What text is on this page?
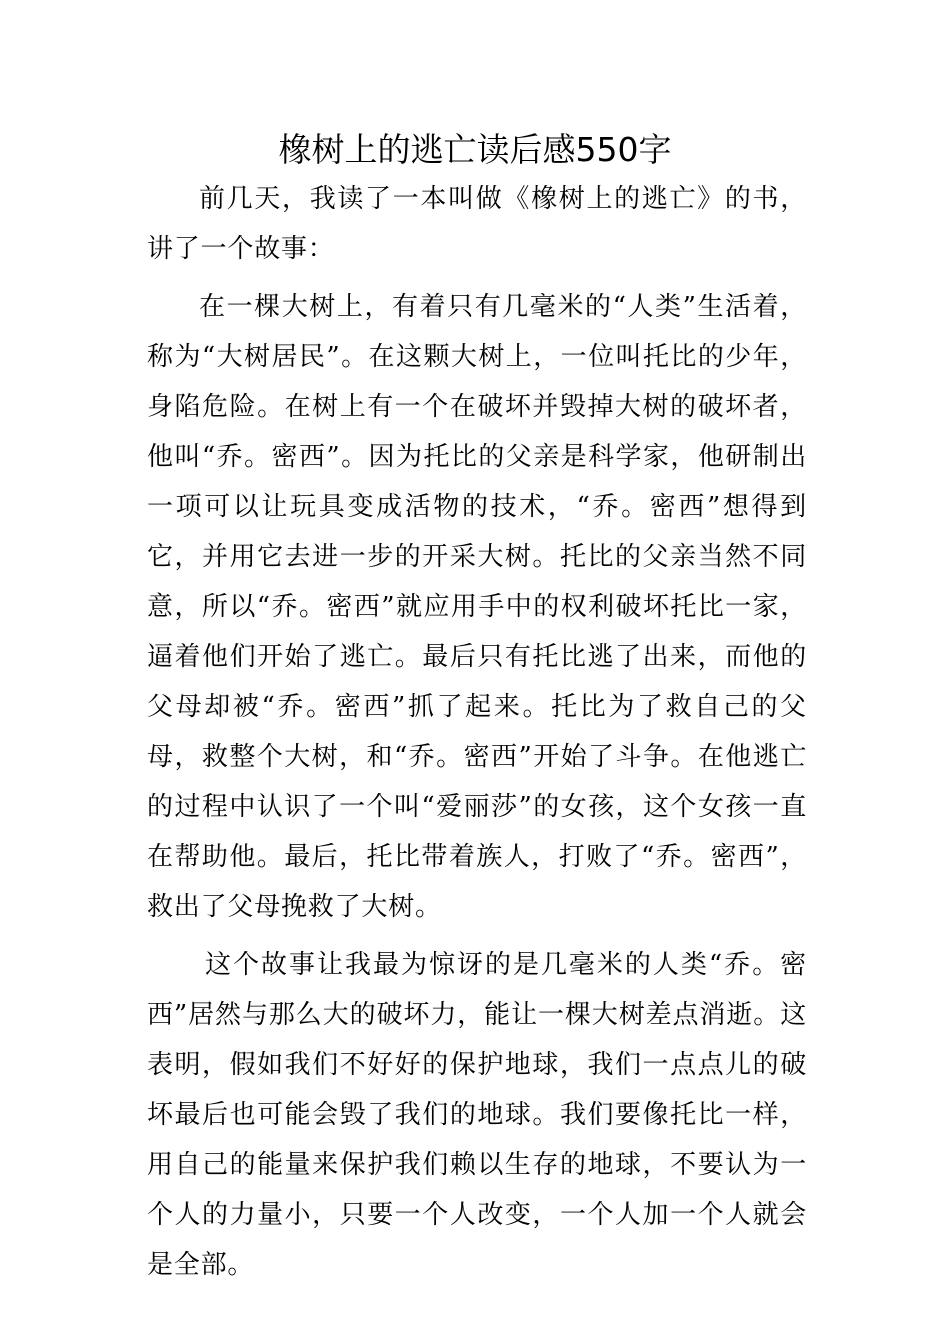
橡树上的逃亡读后感550字

前几天，我读了一本叫做《橡树上的逃亡》的书，讲了一个故事：

在一棵大树上，有着只有几毫米的“人类”生活着，称为“大树居民”。在这颗大树上，一位叫托比的少年，身陷危险。在树上有一个在破坏并毁掉大树的破坏者，他叫“乔。密西”。因为托比的父亲是科学家，他研制出一项可以让玩具变成活物的技术，“乔。密西”想得到它，并用它去进一步的开采大树。托比的父亲当然不同意，所以“乔。密西”就应用手中的权利破坏托比一家，逼着他们开始了逃亡。最后只有托比逃了出来，而他的父母却被“乔。密西”抓了起来。托比为了救自己的父母，救整个大树，和“乔。密西”开始了斗争。在他逃亡的过程中认识了一个叫“爱丽莎”的女孩，这个女孩一直在帮助他。最后，托比带着族人，打败了“乔。密西”，救出了父母挽救了大树。

这个故事让我最为惊讶的是几毫米的人类“乔。密西”居然与那么大的破坏力，能让一棵大树差点消逝。这表明，假如我们不好好的保护地球，我们一点点儿的破坏最后也可能会毁了我们的地球。我们要像托比一样，用自己的能量来保护我们赖以生存的地球，不要认为一个人的力量小，只要一个人改变，一个人加一个人就会是全部。
